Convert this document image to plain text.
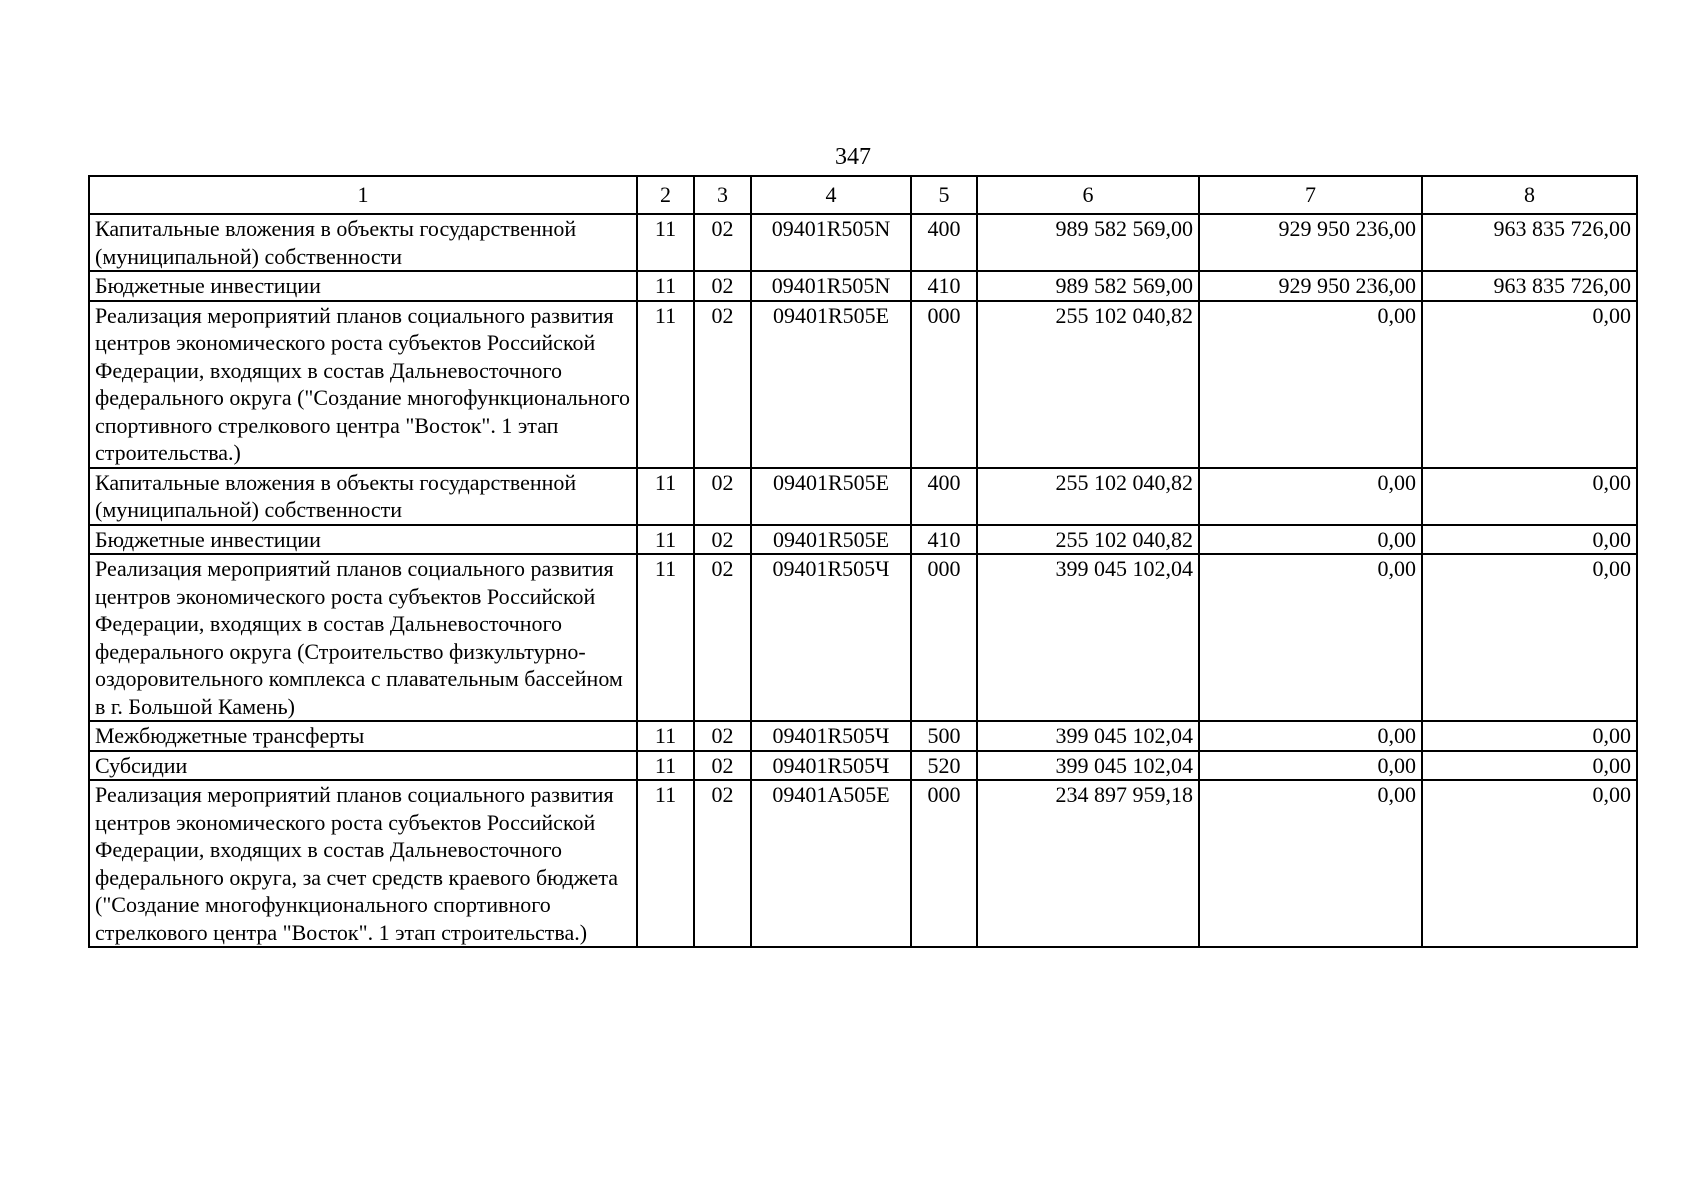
347
1	2	3	4	5	6	7	8
Капитальные вложения в объекты государственной (муниципальной) собственности	11	02	09401R505N	400	989 582 569,00	929 950 236,00	963 835 726,00
Бюджетные инвестиции	11	02	09401R505N	410	989 582 569,00	929 950 236,00	963 835 726,00
Реализация мероприятий планов социального развития центров экономического роста субъектов Российской Федерации, входящих в состав Дальневосточного федерального округа ("Создание многофункционального спортивного стрелкового центра "Восток". 1 этап строительства.)	11	02	09401R505E	000	255 102 040,82	0,00	0,00
Капитальные вложения в объекты государственной (муниципальной) собственности	11	02	09401R505E	400	255 102 040,82	0,00	0,00
Бюджетные инвестиции	11	02	09401R505E	410	255 102 040,82	0,00	0,00
Реализация мероприятий планов социального развития центров экономического роста субъектов Российской Федерации, входящих в состав Дальневосточного федерального округа (Строительство физкультурно-оздоровительного комплекса с плавательным бассейном в г. Большой Камень)	11	02	09401R505Ч	000	399 045 102,04	0,00	0,00
Межбюджетные трансферты	11	02	09401R505Ч	500	399 045 102,04	0,00	0,00
Субсидии	11	02	09401R505Ч	520	399 045 102,04	0,00	0,00
Реализация мероприятий планов социального развития центров экономического роста субъектов Российской Федерации, входящих в состав Дальневосточного федерального округа, за счет средств краевого бюджета ("Создание многофункционального спортивного стрелкового центра "Восток". 1 этап строительства.)	11	02	09401A505E	000	234 897 959,18	0,00	0,00
